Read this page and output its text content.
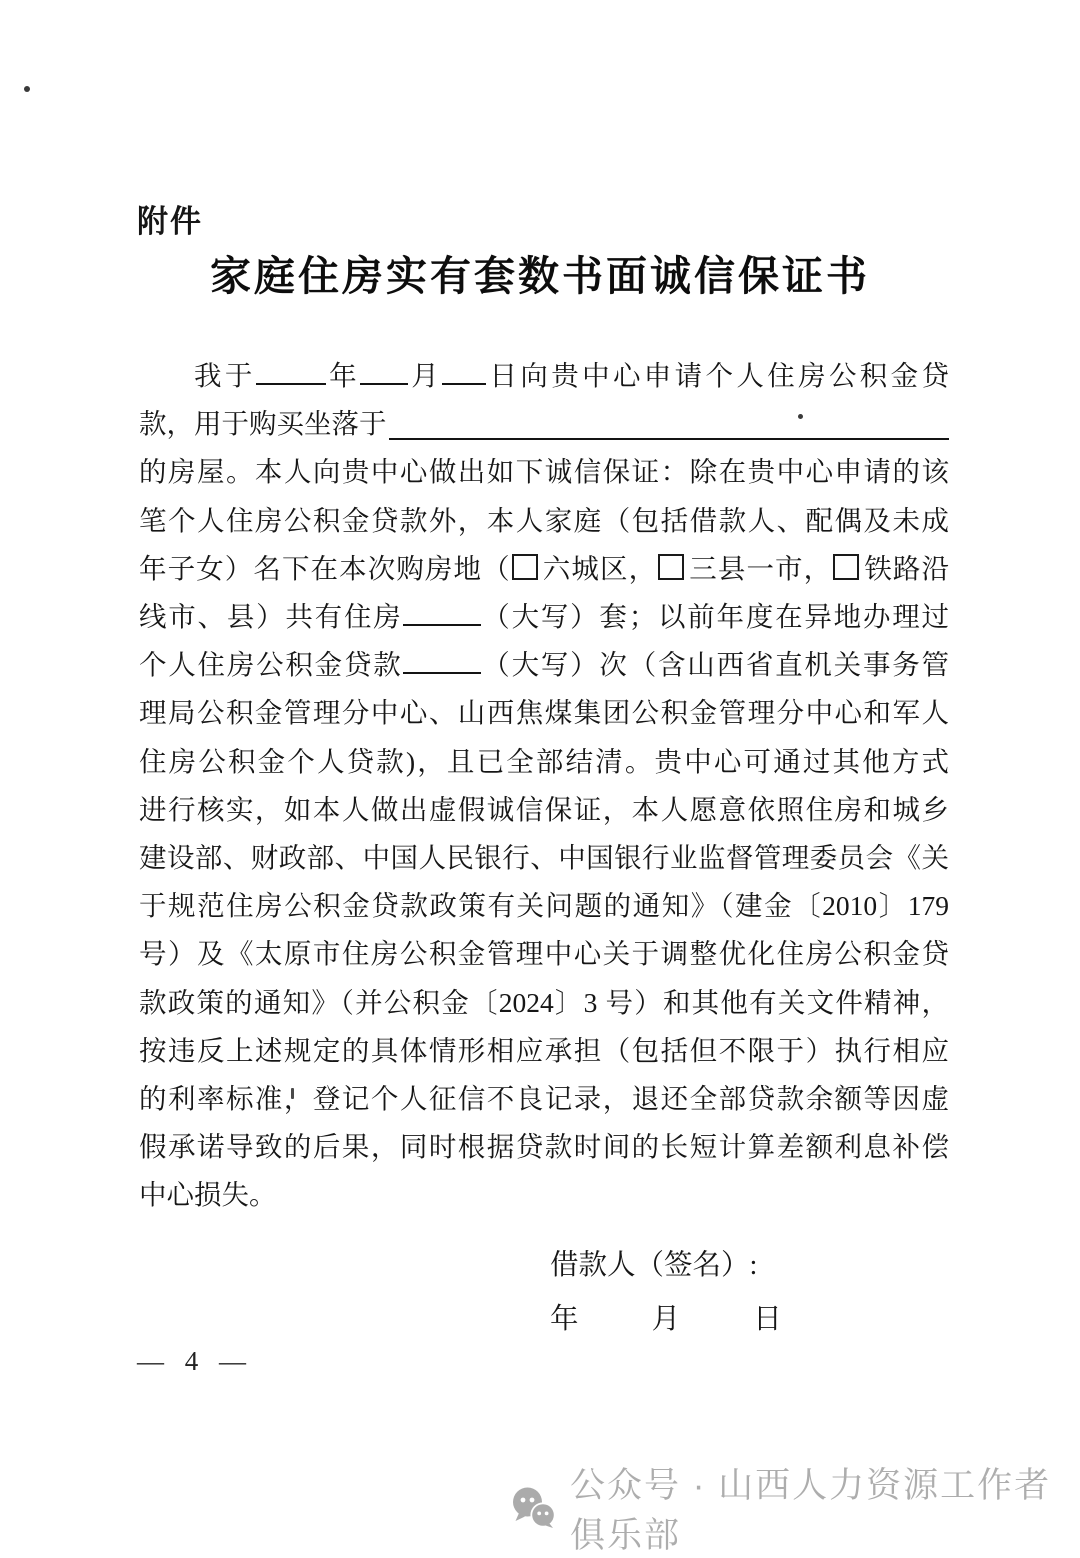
附件
家庭住房实有套数书面诚信保证书
我于	年 月 日向贵中心申请个人住房公积金贷
款，用于购买坐落于
的房屋。本人向贵中心做出如下诚信保证：除在贵中心申请的该
笔个人住房公积金贷款外，本人家庭（包括借款人、配偶及未成
年子女）名下在本次购房地（ 六城区， 三县一市， 铁路沿
线市、县）共有住房	（大写）套；以前年度在异地办理过
个人住房公积金贷款	（大写）次（含山西省直机关事务管
理局公积金管理分中心、山西焦煤集团公积金管理分中心和军人
住房公积金个人贷款)，且已全部结清。贵中心可通过其他方式
进行核实，如本人做出虚假诚信保证，本人愿意依照住房和城乡
建设部、财政部、中国人民银行、中国银行业监督管理委员会《关
于规范住房公积金贷款政策有关问题的通知》（建金〔2010〕179
号）及《太原市住房公积金管理中心关于调整优化住房公积金贷
款政策的通知》（并公积金〔2024〕3 号）和其他有关文件精神，
按违反上述规定的具体情形相应承担（包括但不限于）执行相应
的利率标准，登记个人征信不良记录，退还全部贷款余额等因虚
假承诺导致的后果，同时根据贷款时间的长短计算差额利息补偿
中心损失。
借款人（签名）:
年	月	日
— 4 —
公众号 · 山西人力资源工作者俱乐部
